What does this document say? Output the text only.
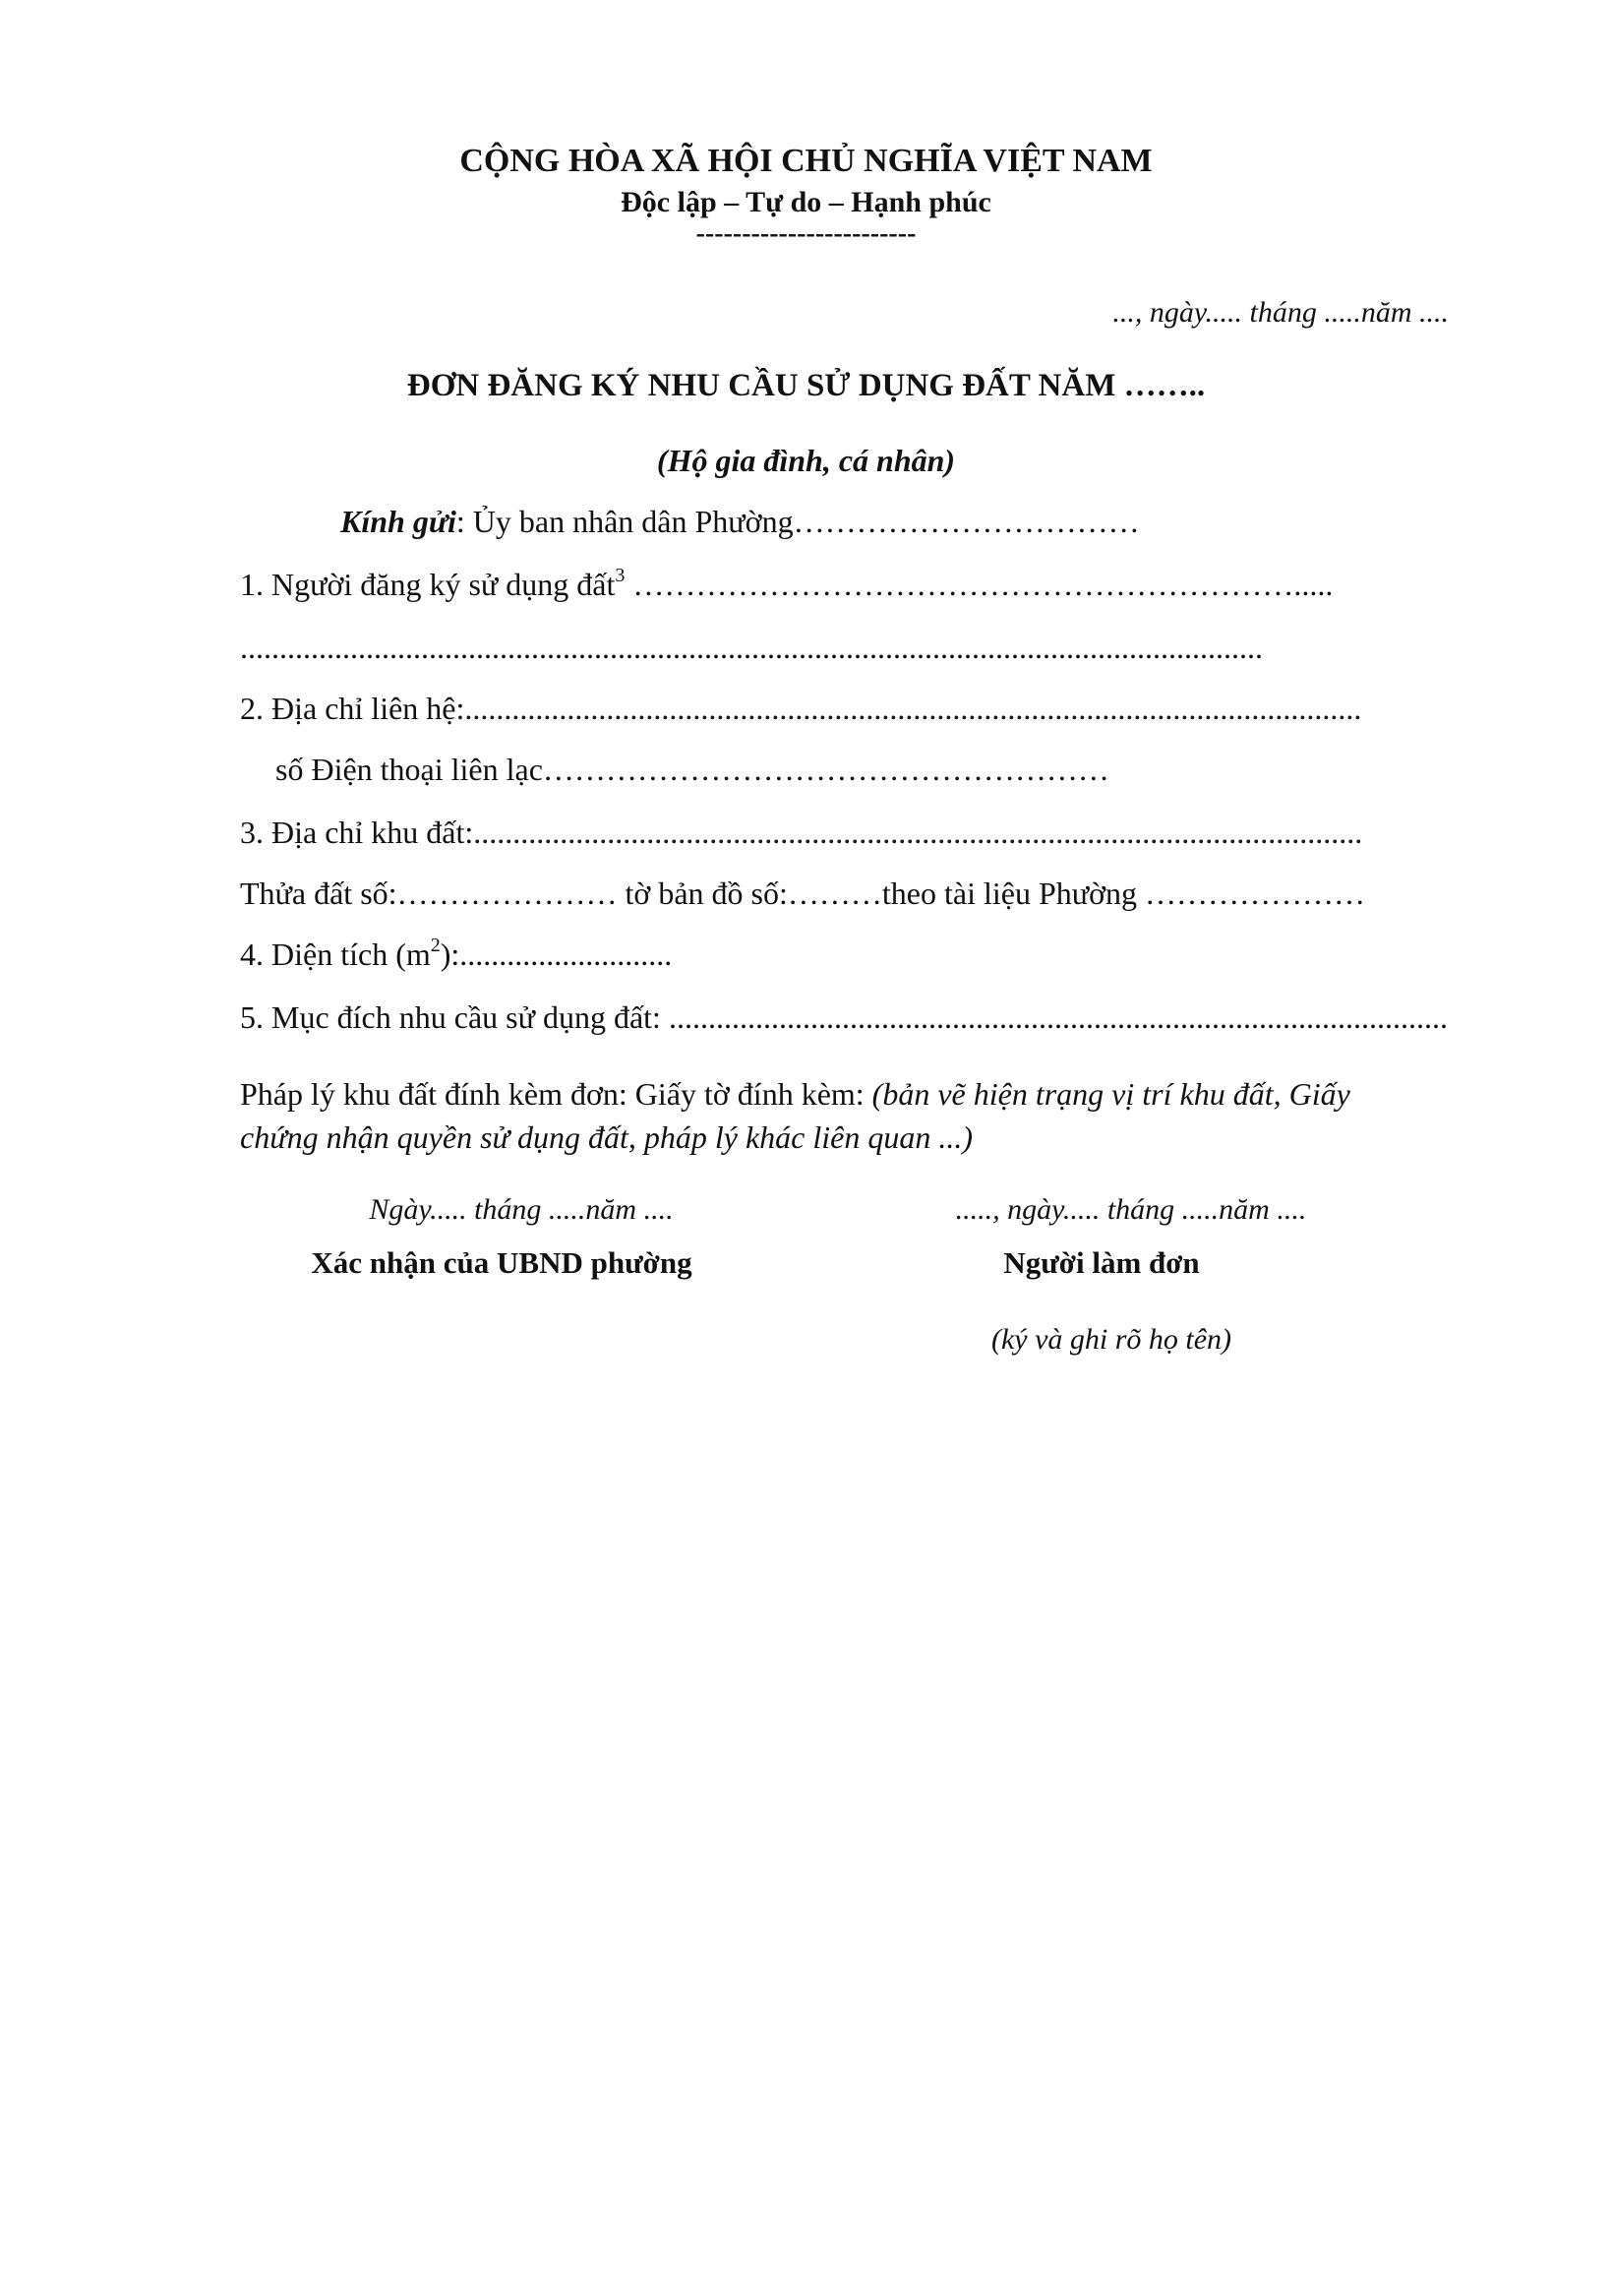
CỘNG HÒA XÃ HỘI CHỦ NGHĨA VIỆT NAM
Độc lập – Tự do – Hạnh phúc
------------------------
..., ngày..... tháng .....năm ....
ĐƠN ĐĂNG KÝ NHU CẦU SỬ DỤNG ĐẤT NĂM ……..
(Hộ gia đình, cá nhân)
Kính gửi: Ủy ban nhân dân Phường……………………………
1. Người đăng ký sử dụng đất$^3$ ……………………………………………………….....
..................................................................................................................................
2. Địa chỉ liên hệ:..................................................................................................................
số Điện thoại liên lạc………………………………………………
3. Địa chỉ khu đất:.................................................................................................................
Thửa đất số:………………… tờ bản đồ số:………theo tài liệu Phường …………………
4. Diện tích $(m^2)$:...........................
5. Mục đích nhu cầu sử dụng đất: ...................................................................................................
Pháp lý khu đất đính kèm đơn: Giấy tờ đính kèm: (bản vẽ hiện trạng vị trí khu đất, Giấy
chứng nhận quyền sử dụng đất, pháp lý khác liên quan ...)
Ngày..... tháng .....năm ....	....., ngày..... tháng .....năm ....
Xác nhận của UBND phường	Người làm đơn
(ký và ghi rõ họ tên)
